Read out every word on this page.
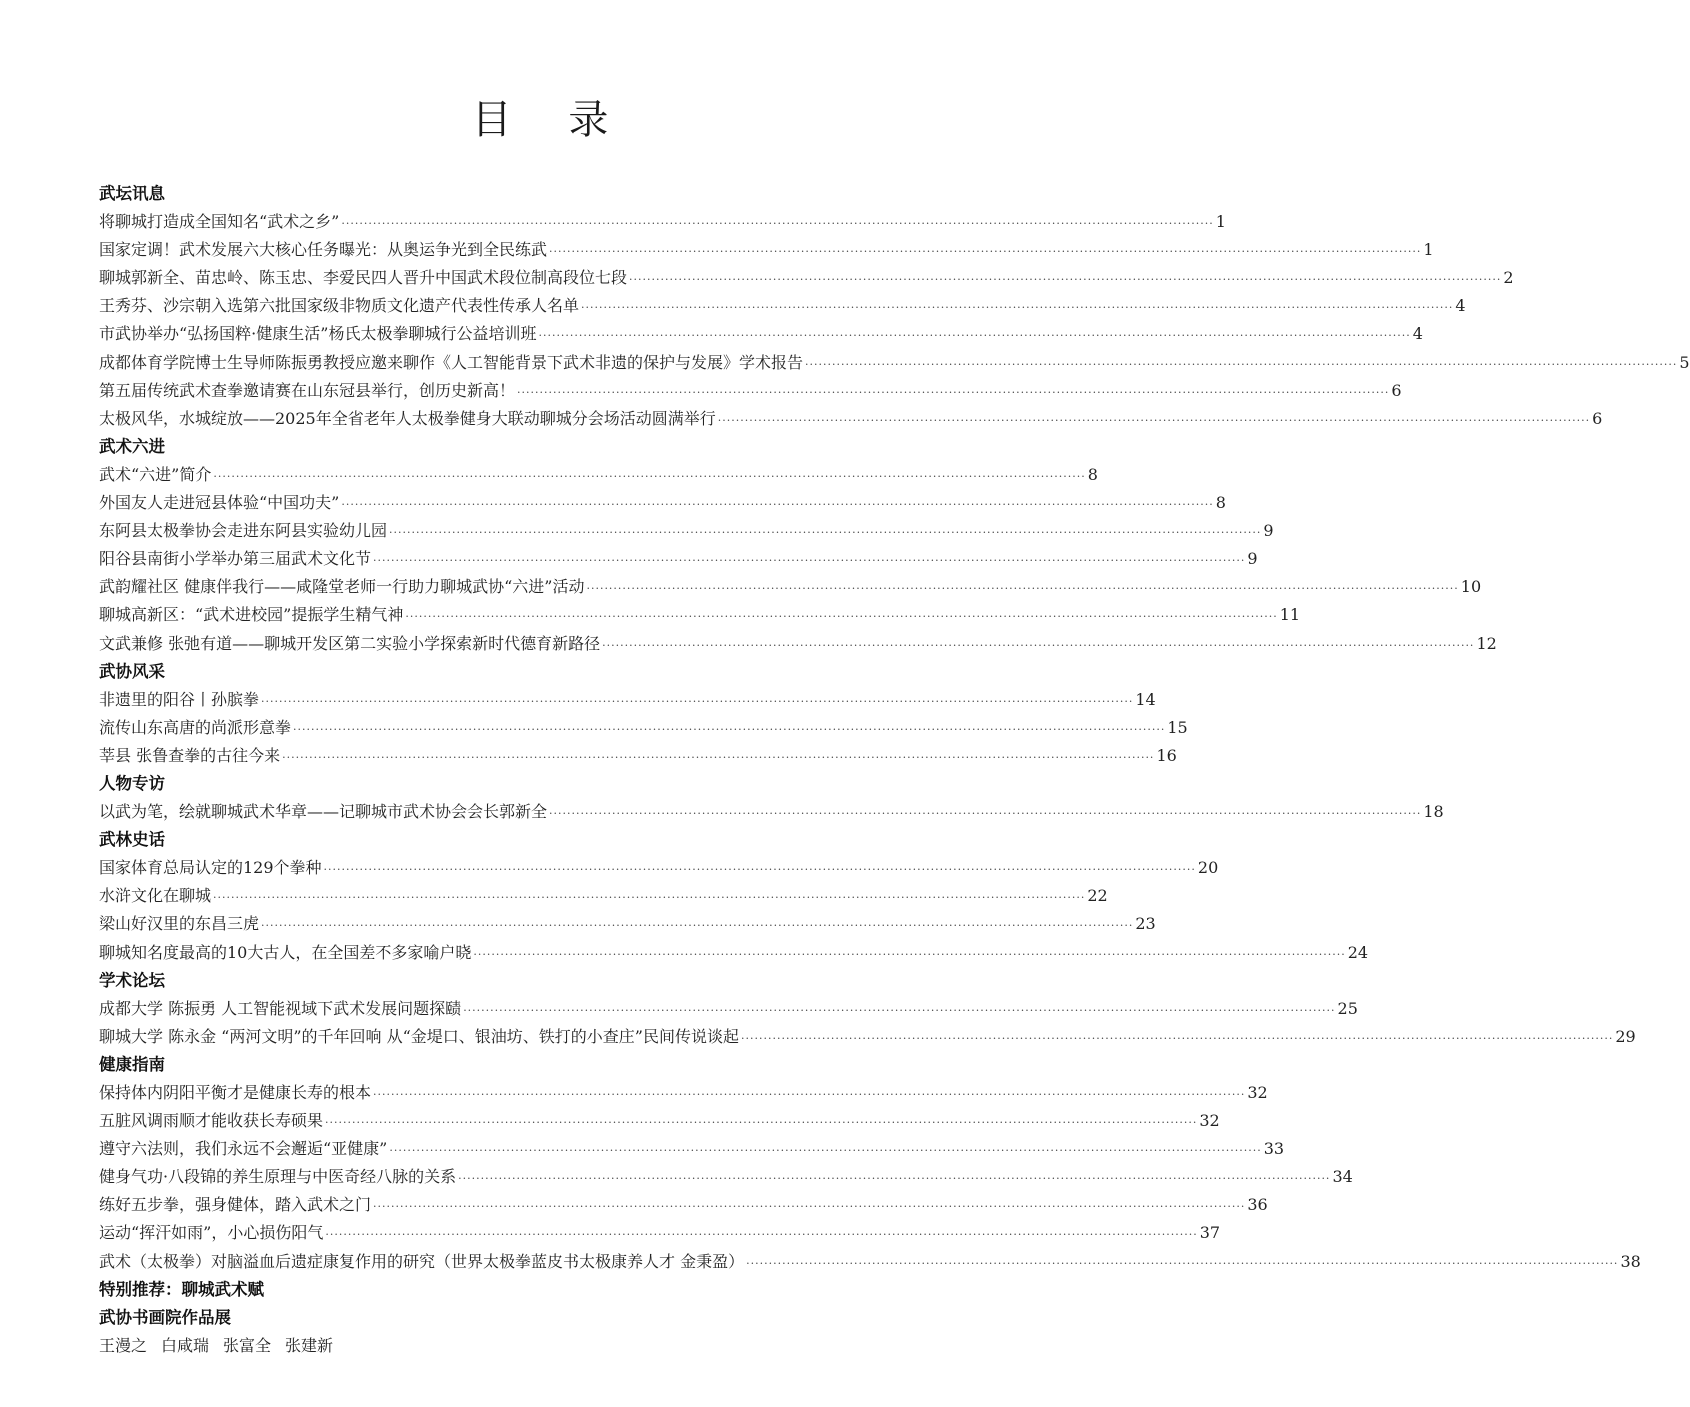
目 录
武坛讯息
将聊城打造成全国知名“武术之乡” ·····	1
国家定调！武术发展六大核心任务曝光：从奥运争光到全民练武 ·····	1
聊城郭新全、苗忠岭、陈玉忠、李爱民四人晋升中国武术段位制高段位七段 ·····	2
王秀芬、沙宗朝入选第六批国家级非物质文化遗产代表性传承人名单 ·····	4
市武协举办“弘扬国粹·健康生活”杨氏太极拳聊城行公益培训班 ·····	4
成都体育学院博士生导师陈振勇教授应邀来聊作《人工智能背景下武术非遗的保护与发展》学术报告 ·····	5
第五届传统武术查拳邀请赛在山东冠县举行，创历史新高！ ·····	6
太极风华，水城绽放——2025年全省老年人太极拳健身大联动聊城分会场活动圆满举行 ·····	6
武术六进
武术“六进”简介 ·····	8
外国友人走进冠县体验“中国功夫” ·····	8
东阿县太极拳协会走进东阿县实验幼儿园 ·····	9
阳谷县南街小学举办第三届武术文化节 ·····	9
武韵耀社区 健康伴我行——咸隆堂老师一行助力聊城武协“六进”活动 ·····	10
聊城高新区：“武术进校园”提振学生精气神 ·····	11
文武兼修 张弛有道——聊城开发区第二实验小学探索新时代德育新路径 ·····	12
武协风采
非遗里的阳谷丨孙膑拳 ·····	14
流传山东高唐的尚派形意拳 ·····	15
莘县 张鲁查拳的古往今来 ·····	16
人物专访
以武为笔，绘就聊城武术华章——记聊城市武术协会会长郭新全 ·····	18
武林史话
国家体育总局认定的129个拳种 ·····	20
水浒文化在聊城 ·····	22
梁山好汉里的东昌三虎 ·····	23
聊城知名度最高的10大古人，在全国差不多家喻户晓 ·····	24
学术论坛
成都大学 陈振勇 人工智能视域下武术发展问题探赜 ·····	25
聊城大学 陈永金 “两河文明”的千年回响 从“金堤口、银油坊、铁打的小查庄”民间传说谈起 ·····	29
健康指南
保持体内阴阳平衡才是健康长寿的根本 ·····	32
五脏风调雨顺才能收获长寿硕果 ·····	32
遵守六法则，我们永远不会邂逅“亚健康” ·····	33
健身气功·八段锦的养生原理与中医奇经八脉的关系 ·····	34
练好五步拳，强身健体，踏入武术之门 ·····	36
运动“挥汗如雨”，小心损伤阳气 ·····	37
武术（太极拳）对脑溢血后遗症康复作用的研究（世界太极拳蓝皮书太极康养人才 金秉盈） ·····	38
特别推荐：聊城武术赋
武协书画院作品展
王漫之 白咸瑞 张富全 张建新
